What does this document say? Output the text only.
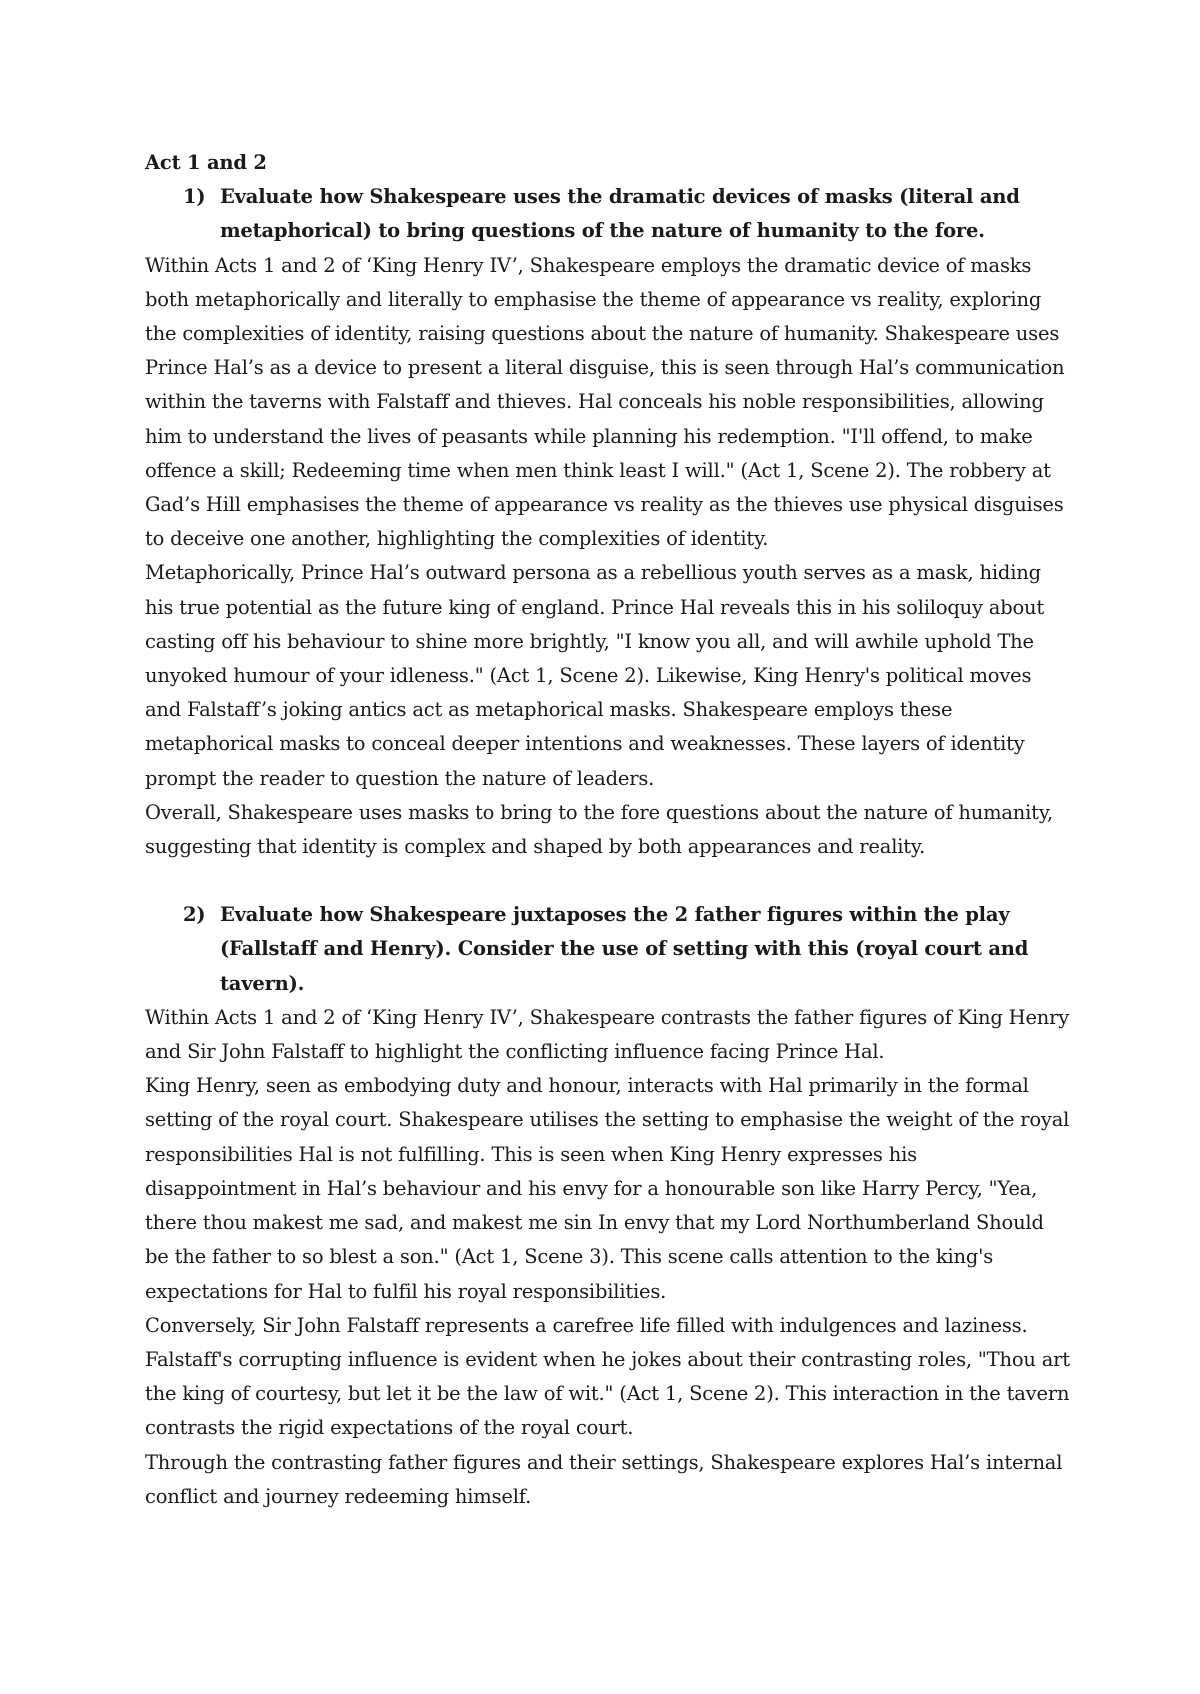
Act 1 and 2

1) Evaluate how Shakespeare uses the dramatic devices of masks (literal and metaphorical) to bring questions of the nature of humanity to the fore.

Within Acts 1 and 2 of ‘King Henry IV’, Shakespeare employs the dramatic device of masks both metaphorically and literally to emphasise the theme of appearance vs reality, exploring the complexities of identity, raising questions about the nature of humanity. Shakespeare uses Prince Hal’s as a device to present a literal disguise, this is seen through Hal’s communication within the taverns with Falstaff and thieves. Hal conceals his noble responsibilities, allowing him to understand the lives of peasants while planning his redemption. "I'll offend, to make offence a skill; Redeeming time when men think least I will." (Act 1, Scene 2). The robbery at Gad’s Hill emphasises the theme of appearance vs reality as the thieves use physical disguises to deceive one another, highlighting the complexities of identity.

Metaphorically, Prince Hal’s outward persona as a rebellious youth serves as a mask, hiding his true potential as the future king of england. Prince Hal reveals this in his soliloquy about casting off his behaviour to shine more brightly, "I know you all, and will awhile uphold The unyoked humour of your idleness." (Act 1, Scene 2). Likewise, King Henry's political moves and Falstaff’s joking antics act as metaphorical masks. Shakespeare employs these metaphorical masks to conceal deeper intentions and weaknesses. These layers of identity prompt the reader to question the nature of leaders.

Overall, Shakespeare uses masks to bring to the fore questions about the nature of humanity, suggesting that identity is complex and shaped by both appearances and reality.

2) Evaluate how Shakespeare juxtaposes the 2 father figures within the play (Fallstaff and Henry). Consider the use of setting with this (royal court and tavern).

Within Acts 1 and 2 of ‘King Henry IV’, Shakespeare contrasts the father figures of King Henry and Sir John Falstaff to highlight the conflicting influence facing Prince Hal.

King Henry, seen as embodying duty and honour, interacts with Hal primarily in the formal setting of the royal court. Shakespeare utilises the setting to emphasise the weight of the royal responsibilities Hal is not fulfilling. This is seen when King Henry expresses his disappointment in Hal’s behaviour and his envy for a honourable son like Harry Percy, "Yea, there thou makest me sad, and makest me sin In envy that my Lord Northumberland Should be the father to so blest a son." (Act 1, Scene 3). This scene calls attention to the king's expectations for Hal to fulfil his royal responsibilities.

Conversely, Sir John Falstaff represents a carefree life filled with indulgences and laziness. Falstaff's corrupting influence is evident when he jokes about their contrasting roles, "Thou art the king of courtesy, but let it be the law of wit." (Act 1, Scene 2). This interaction in the tavern contrasts the rigid expectations of the royal court.

Through the contrasting father figures and their settings, Shakespeare explores Hal’s internal conflict and journey redeeming himself.
